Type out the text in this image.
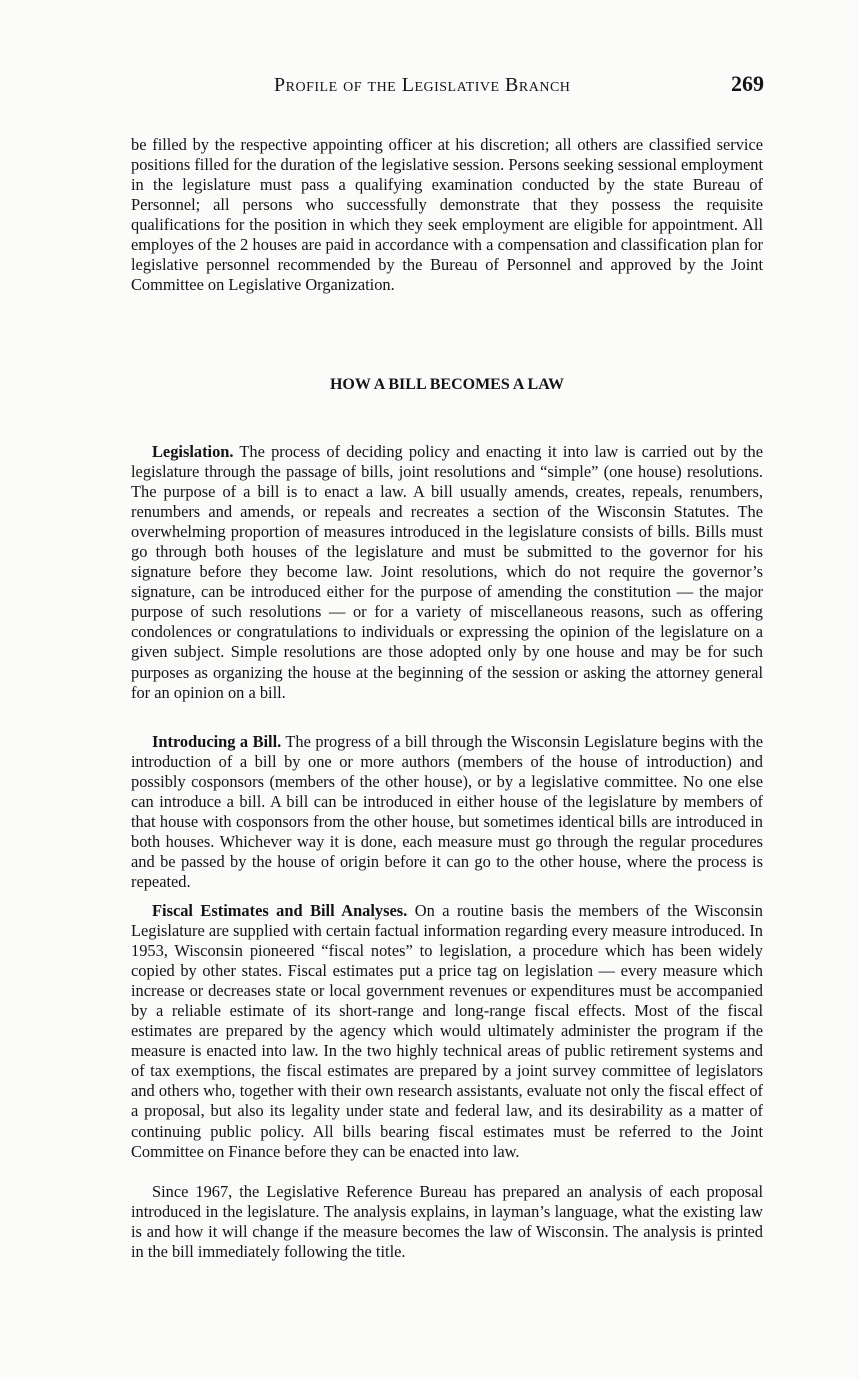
Profile of the Legislative Branch	269

be filled by the respective appointing officer at his discretion; all others are classified service positions filled for the duration of the legislative session. Persons seeking sessional employment in the legislature must pass a qualifying examination conducted by the state Bureau of Personnel; all persons who successfully demonstrate that they possess the requisite qualifications for the position in which they seek employment are eligible for appointment. All employes of the 2 houses are paid in accordance with a compensation and classification plan for legislative personnel recommended by the Bureau of Personnel and approved by the Joint Committee on Legislative Organization.

HOW A BILL BECOMES A LAW

Legislation. The process of deciding policy and enacting it into law is carried out by the legislature through the passage of bills, joint resolutions and “simple” (one house) resolutions. The purpose of a bill is to enact a law. A bill usually amends, creates, repeals, renumbers, renumbers and amends, or repeals and recreates a section of the Wisconsin Statutes. The overwhelming proportion of measures introduced in the legislature consists of bills. Bills must go through both houses of the legislature and must be submitted to the governor for his signature before they become law. Joint resolutions, which do not require the governor’s signature, can be introduced either for the purpose of amending the constitution — the major purpose of such resolutions — or for a variety of miscellaneous reasons, such as offering condolences or congratulations to individuals or expressing the opinion of the legislature on a given subject. Simple resolutions are those adopted only by one house and may be for such purposes as organizing the house at the beginning of the session or asking the attorney general for an opinion on a bill.

Introducing a Bill. The progress of a bill through the Wisconsin Legislature begins with the introduction of a bill by one or more authors (members of the house of introduction) and possibly cosponsors (members of the other house), or by a legislative committee. No one else can introduce a bill. A bill can be introduced in either house of the legislature by members of that house with cosponsors from the other house, but sometimes identical bills are introduced in both houses. Whichever way it is done, each measure must go through the regular procedures and be passed by the house of origin before it can go to the other house, where the process is repeated.

Fiscal Estimates and Bill Analyses. On a routine basis the members of the Wisconsin Legislature are supplied with certain factual information regarding every measure introduced. In 1953, Wisconsin pioneered “fiscal notes” to legislation, a procedure which has been widely copied by other states. Fiscal estimates put a price tag on legislation — every measure which increase or decreases state or local government revenues or expenditures must be accompanied by a reliable estimate of its short-range and long-range fiscal effects. Most of the fiscal estimates are prepared by the agency which would ultimately administer the program if the measure is enacted into law. In the two highly technical areas of public retirement systems and of tax exemptions, the fiscal estimates are prepared by a joint survey committee of legislators and others who, together with their own research assistants, evaluate not only the fiscal effect of a proposal, but also its legality under state and federal law, and its desirability as a matter of continuing public policy. All bills bearing fiscal estimates must be referred to the Joint Committee on Finance before they can be enacted into law.

Since 1967, the Legislative Reference Bureau has prepared an analysis of each proposal introduced in the legislature. The analysis explains, in layman’s language, what the existing law is and how it will change if the measure becomes the law of Wisconsin. The analysis is printed in the bill immediately following the title.
